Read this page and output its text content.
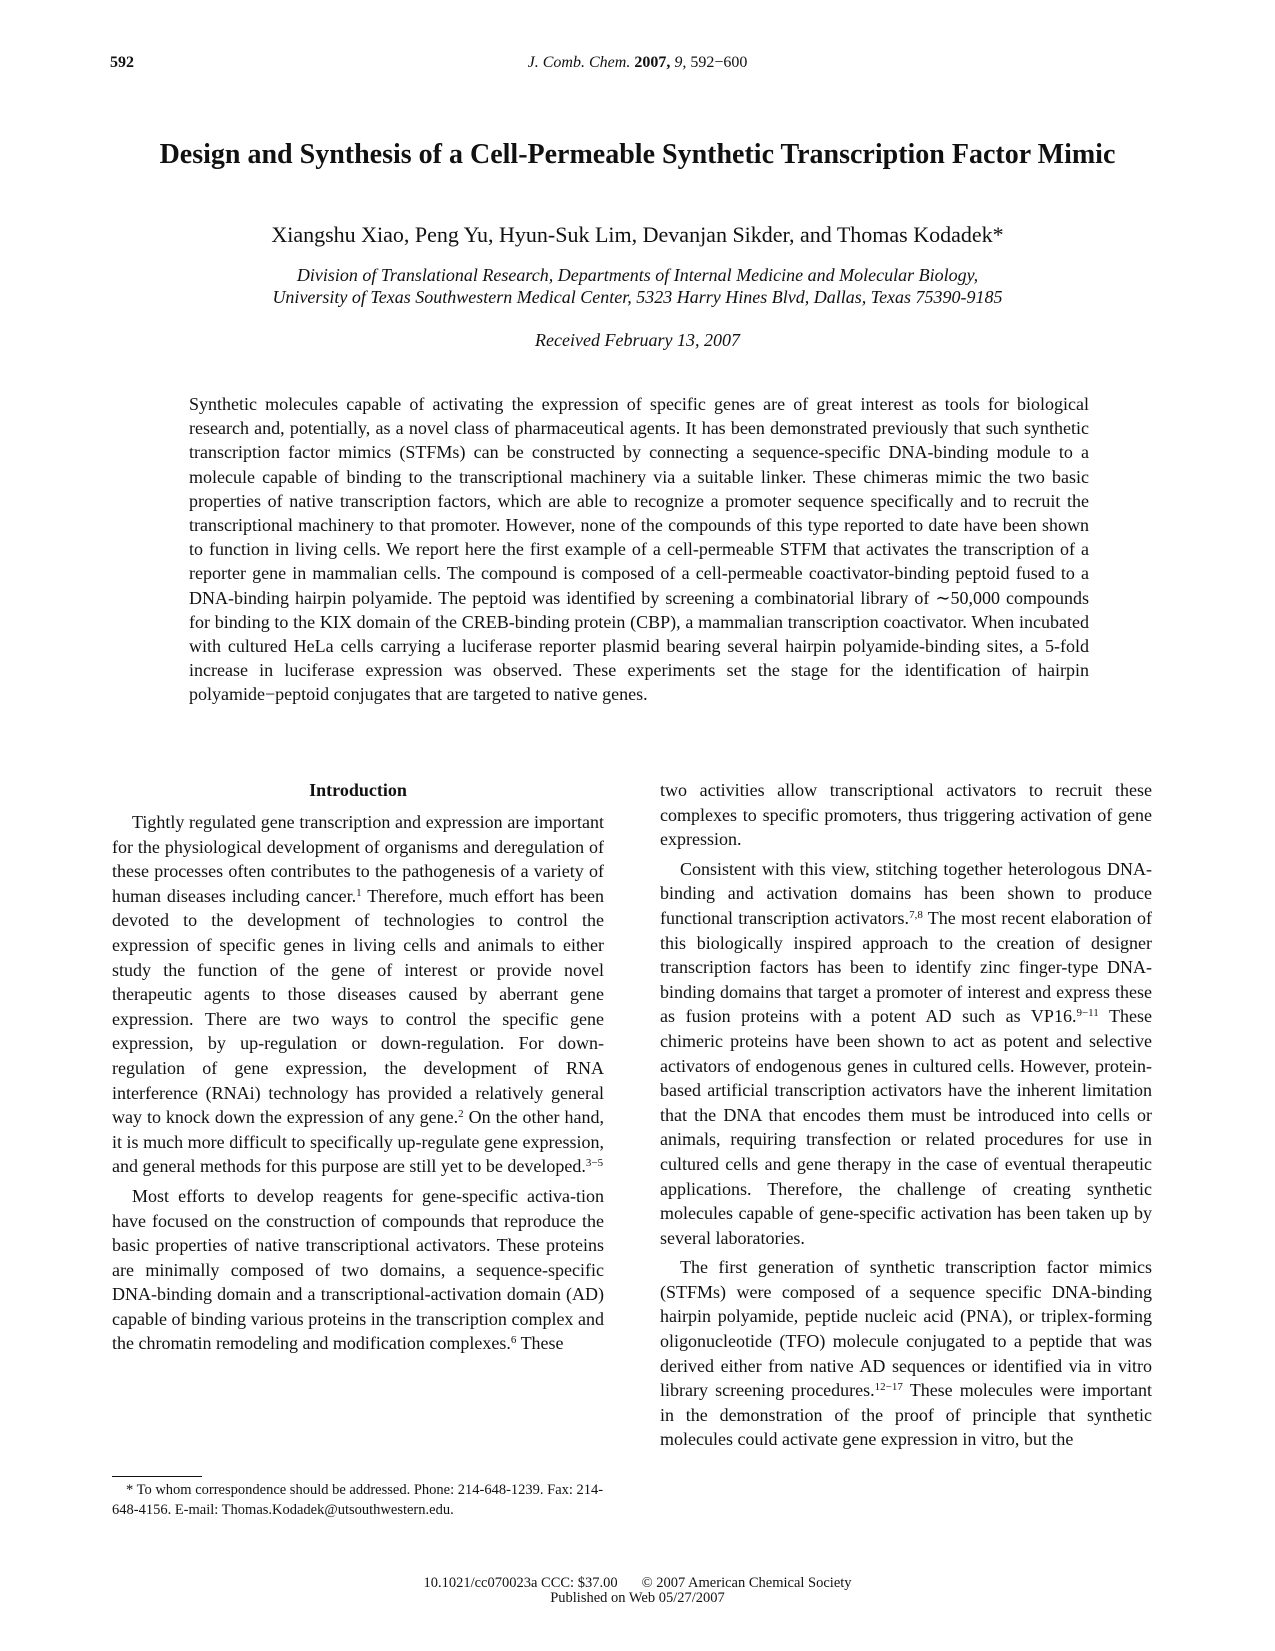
592	J. Comb. Chem. 2007, 9, 592−600
Design and Synthesis of a Cell-Permeable Synthetic Transcription Factor Mimic
Xiangshu Xiao, Peng Yu, Hyun-Suk Lim, Devanjan Sikder, and Thomas Kodadek*
Division of Translational Research, Departments of Internal Medicine and Molecular Biology,
University of Texas Southwestern Medical Center, 5323 Harry Hines Blvd, Dallas, Texas 75390-9185
Received February 13, 2007
Synthetic molecules capable of activating the expression of specific genes are of great interest as tools for biological research and, potentially, as a novel class of pharmaceutical agents. It has been demonstrated previously that such synthetic transcription factor mimics (STFMs) can be constructed by connecting a sequence-specific DNA-binding module to a molecule capable of binding to the transcriptional machinery via a suitable linker. These chimeras mimic the two basic properties of native transcription factors, which are able to recognize a promoter sequence specifically and to recruit the transcriptional machinery to that promoter. However, none of the compounds of this type reported to date have been shown to function in living cells. We report here the first example of a cell-permeable STFM that activates the transcription of a reporter gene in mammalian cells. The compound is composed of a cell-permeable coactivator-binding peptoid fused to a DNA-binding hairpin polyamide. The peptoid was identified by screening a combinatorial library of ∼50,000 compounds for binding to the KIX domain of the CREB-binding protein (CBP), a mammalian transcription coactivator. When incubated with cultured HeLa cells carrying a luciferase reporter plasmid bearing several hairpin polyamide-binding sites, a 5-fold increase in luciferase expression was observed. These experiments set the stage for the identification of hairpin polyamide−peptoid conjugates that are targeted to native genes.
Introduction

Tightly regulated gene transcription and expression are important for the physiological development of organisms and deregulation of these processes often contributes to the pathogenesis of a variety of human diseases including cancer.$^1$ Therefore, much effort has been devoted to the development of technologies to control the expression of specific genes in living cells and animals to either study the function of the gene of interest or provide novel therapeutic agents to those diseases caused by aberrant gene expression. There are two ways to control the specific gene expression, by up-regulation or down-regulation. For down-regulation of gene expression, the development of RNA interference (RNAi) technology has provided a relatively general way to knock down the expression of any gene.$^2$ On the other hand, it is much more difficult to specifically up-regulate gene expression, and general methods for this purpose are still yet to be developed.$^{3-5}$

Most efforts to develop reagents for gene-specific activa-tion have focused on the construction of compounds that reproduce the basic properties of native transcriptional activators. These proteins are minimally composed of two domains, a sequence-specific DNA-binding domain and a transcriptional-activation domain (AD) capable of binding various proteins in the transcription complex and the chromatin remodeling and modification complexes.$^6$ These

* To whom correspondence should be addressed. Phone: 214-648-1239. Fax: 214-648-4156. E-mail: Thomas.Kodadek@utsouthwestern.edu.

two activities allow transcriptional activators to recruit these complexes to specific promoters, thus triggering activation of gene expression.

Consistent with this view, stitching together heterologous DNA-binding and activation domains has been shown to produce functional transcription activators.$^{7,8}$ The most recent elaboration of this biologically inspired approach to the creation of designer transcription factors has been to identify zinc finger-type DNA-binding domains that target a promoter of interest and express these as fusion proteins with a potent AD such as VP16.$^{9-11}$ These chimeric proteins have been shown to act as potent and selective activators of endogenous genes in cultured cells. However, protein-based artificial transcription activators have the inherent limitation that the DNA that encodes them must be introduced into cells or animals, requiring transfection or related procedures for use in cultured cells and gene therapy in the case of eventual therapeutic applications. Therefore, the challenge of creating synthetic molecules capable of gene-specific activation has been taken up by several laboratories.

The first generation of synthetic transcription factor mimics (STFMs) were composed of a sequence specific DNA-binding hairpin polyamide, peptide nucleic acid (PNA), or triplex-forming oligonucleotide (TFO) molecule conjugated to a peptide that was derived either from native AD sequences or identified via in vitro library screening procedures.$^{12-17}$ These molecules were important in the demonstration of the proof of principle that synthetic molecules could activate gene expression in vitro, but the

10.1021/cc070023a CCC: $37.00 © 2007 American Chemical Society
Published on Web 05/27/2007
